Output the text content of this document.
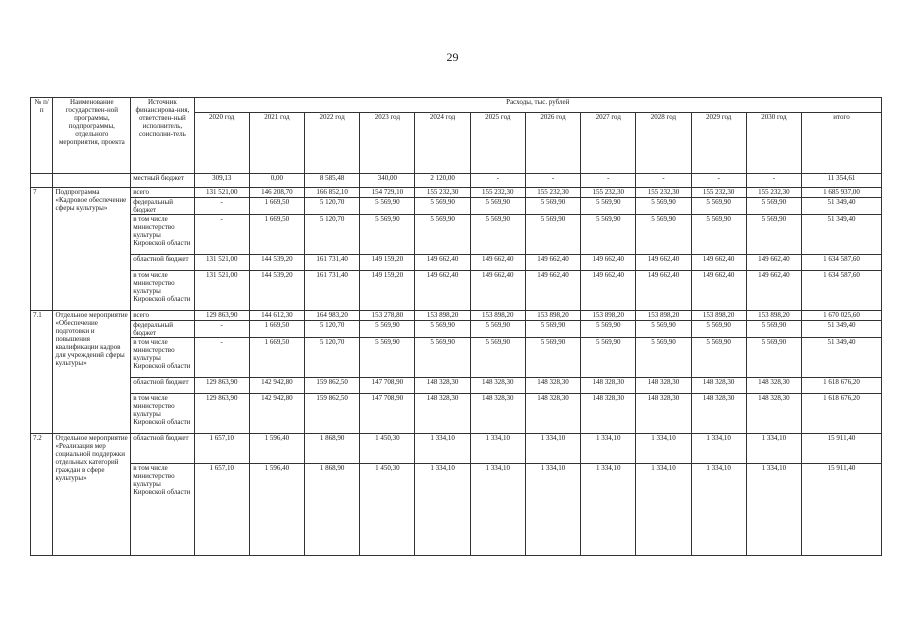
29
№ п/п	Наименование государствен-ной программы, подпрограммы, отдельного мероприятия, проекта	Источник финансирова-ния, ответствен-ный исполнитель, соисполни-тель	Расходы, тыс. рублей											
			2020 год	2021 год	2022 год	2023 год	2024 год	2025 год	2026 год	2027 год	2028 год	2029 год	2030 год	итого
		местный бюджет	309,13	0,00	8 585,48	340,00	2 120,00	-	-	-	-	-	-	11 354,61
7	Подпрограмма «Кадровое обеспечение сферы культуры»	всего	131 521,00	146 208,70	166 852,10	154 729,10	155 232,30	155 232,30	155 232,30	155 232,30	155 232,30	155 232,30	155 232,30	1 685 937,00
		федеральный бюджет	-	1 669,50	5 120,70	5 569,90	5 569,90	5 569,90	5 569,90	5 569,90	5 569,90	5 569,90	5 569,90	51 349,40
		в том числе министерство культуры Кировской области	-	1 669,50	5 120,70	5 569,90	5 569,90	5 569,90	5 569,90	5 569,90	5 569,90	5 569,90	5 569,90	51 349,40
		областной бюджет	131 521,00	144 539,20	161 731,40	149 159,20	149 662,40	149 662,40	149 662,40	149 662,40	149 662,40	149 662,40	149 662,40	1 634 587,60
		в том числе министерство культуры Кировской области	131 521,00	144 539,20	161 731,40	149 159,20	149 662,40	149 662,40	149 662,40	149 662,40	149 662,40	149 662,40	149 662,40	1 634 587,60
7.1	Отдельное мероприятие «Обеспечение подготовки и повышения квалификации кадров для учреждений сферы культуры»	всего	129 863,90	144 612,30	164 983,20	153 278,80	153 898,20	153 898,20	153 898,20	153 898,20	153 898,20	153 898,20	153 898,20	1 670 025,60
		федеральный бюджет	-	1 669,50	5 120,70	5 569,90	5 569,90	5 569,90	5 569,90	5 569,90	5 569,90	5 569,90	5 569,90	51 349,40
		в том числе министерство культуры Кировской области	-	1 669,50	5 120,70	5 569,90	5 569,90	5 569,90	5 569,90	5 569,90	5 569,90	5 569,90	5 569,90	51 349,40
		областной бюджет	129 863,90	142 942,80	159 862,50	147 708,90	148 328,30	148 328,30	148 328,30	148 328,30	148 328,30	148 328,30	148 328,30	1 618 676,20
		в том числе министерство культуры Кировской области	129 863,90	142 942,80	159 862,50	147 708,90	148 328,30	148 328,30	148 328,30	148 328,30	148 328,30	148 328,30	148 328,30	1 618 676,20
7.2	Отдельное мероприятие «Реализация мер социальной поддержки отдельных категорий граждан в сфере культуры»	областной бюджет	1 657,10	1 596,40	1 868,90	1 450,30	1 334,10	1 334,10	1 334,10	1 334,10	1 334,10	1 334,10	1 334,10	15 911,40
		в том числе министерство культуры Кировской области	1 657,10	1 596,40	1 868,90	1 450,30	1 334,10	1 334,10	1 334,10	1 334,10	1 334,10	1 334,10	1 334,10	15 911,40
